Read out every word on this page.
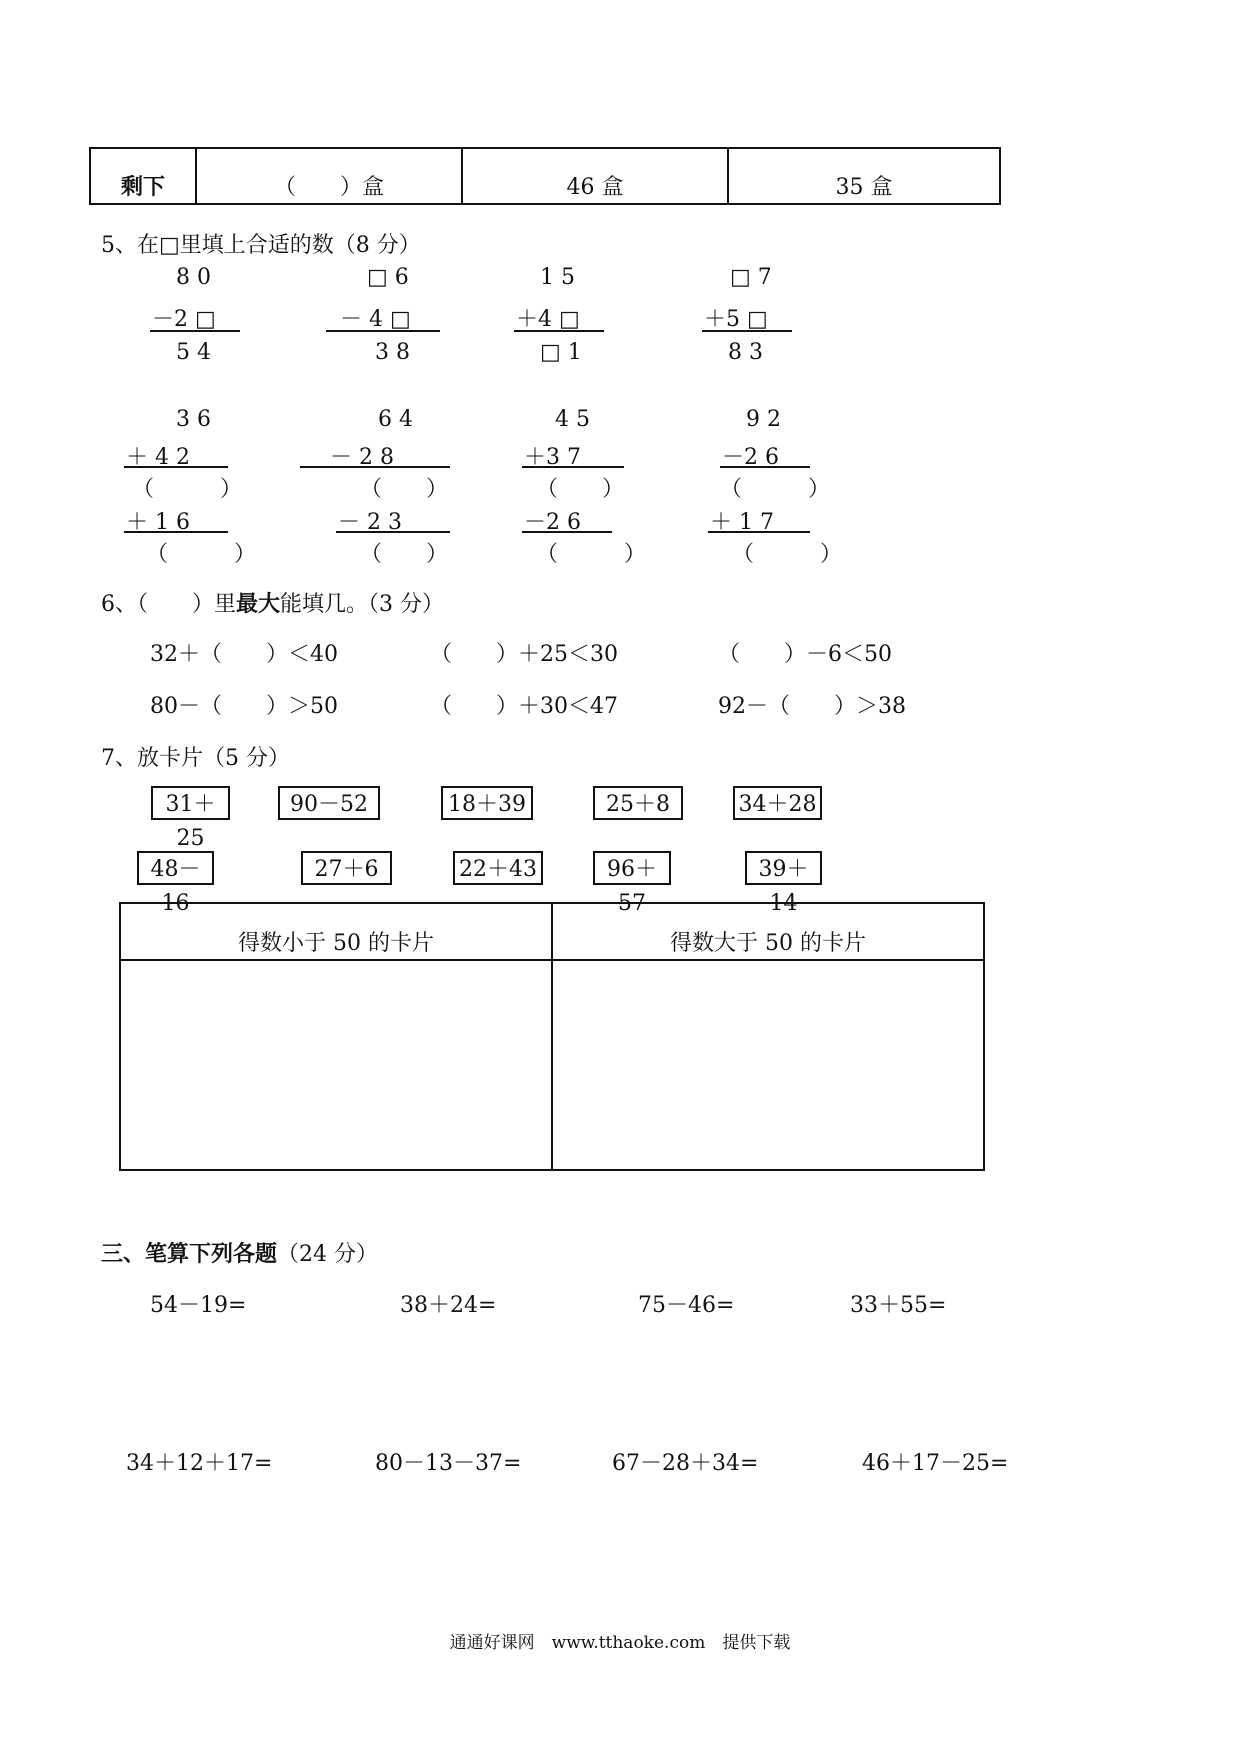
剩下	（　　）盒	46 盒	35 盒
5、在□里填上合适的数（8 分）
8 0
－2 □
5 4
□ 6
－ 4 □
3 8
1 5
＋4 □
□ 1
□ 7
＋5 □
8 3
3 6
＋ 4 2
（　　　）
＋ 1 6
（　　　）
6 4
－ 2 8
（　　）
－ 2 3
（　　）
4 5
＋3 7
（　　）
－2 6
（　　　）
9 2
－2 6
（　　　）
＋ 1 7
（　　　）
6、（　　）里最大能填几。（3 分）
32＋（　　）＜40	（　　）＋25＜30	（　　）－6＜50
80－（　　）＞50	（　　）＋30＜47	92－（　　）＞38
7、放卡片（5 分）
31＋25
90－52	18＋39	25＋8	34＋28
48－16
27＋6	22＋43	96＋57
39＋14
得数小于 50 的卡片	得数大于 50 的卡片

三、笔算下列各题（24 分）
54－19=	38＋24=	75－46=	33＋55=
34＋12＋17=	80－13－37=	67－28＋34=	46＋17－25=
通通好课网　www.tthaoke.com　提供下载
